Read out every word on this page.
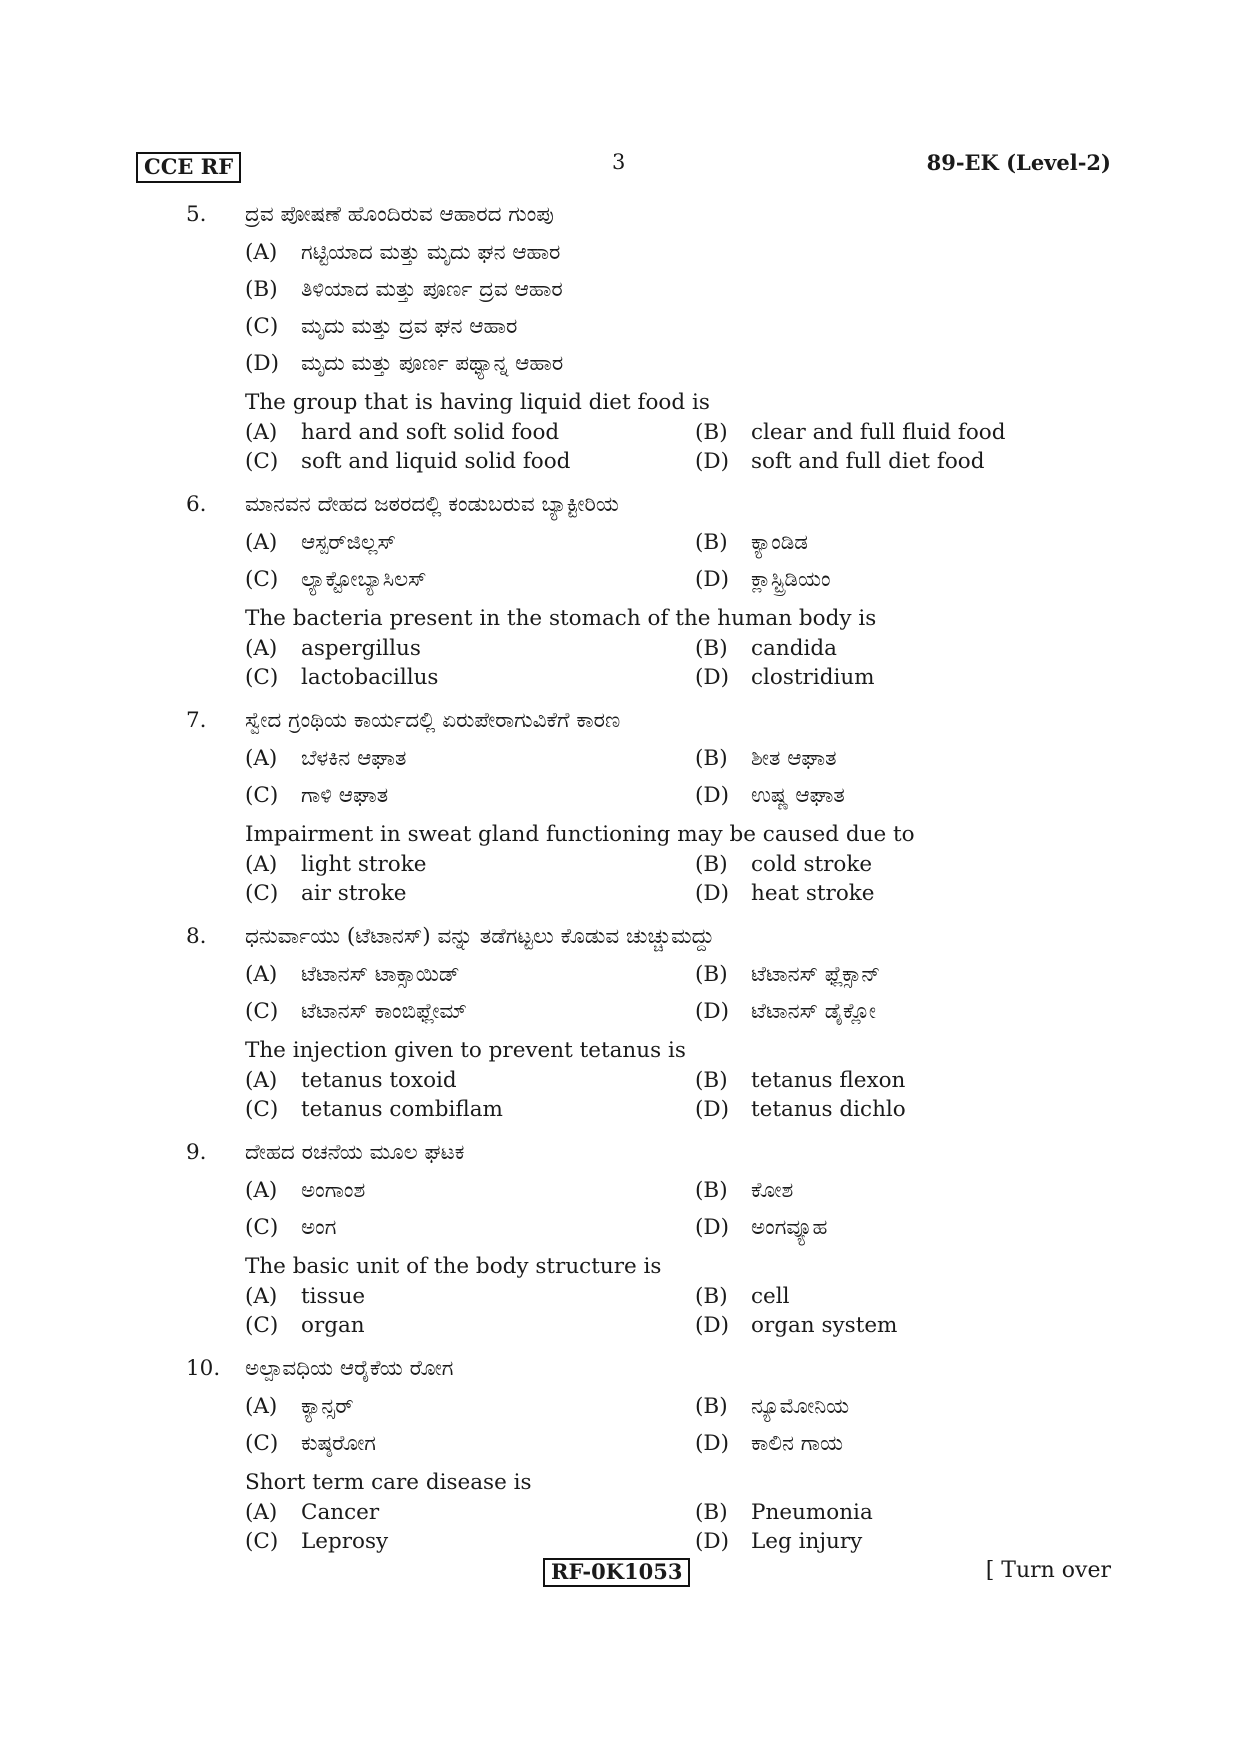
CCE RF	3	89-EK (Level-2)
5. ದ್ರವ ಪೋಷಣೆ ಹೊಂದಿರುವ ಆಹಾರದ ಗುಂಪು
(A)	ಗಟ್ಟಿಯಾದ ಮತ್ತು ಮೃದು ಘನ ಆಹಾರ
(B)	ತಿಳಿಯಾದ ಮತ್ತು ಪೂರ್ಣ ದ್ರವ ಆಹಾರ
(C)	ಮೃದು ಮತ್ತು ದ್ರವ ಘನ ಆಹಾರ
(D)	ಮೃದು ಮತ್ತು ಪೂರ್ಣ ಪಥ್ಯಾನ್ನ ಆಹಾರ
The group that is having liquid diet food is
(A)	hard and soft solid food	(B)	clear and full fluid food
(C)	soft and liquid solid food	(D)	soft and full diet food
6. ಮಾನವನ ದೇಹದ ಜಠರದಲ್ಲಿ ಕಂಡುಬರುವ ಬ್ಯಾಕ್ಟೀರಿಯ
(A)	ಆಸ್ಪರ್‌ಜಿಲ್ಲಸ್	(B)	ಕ್ಯಾಂಡಿಡ
(C)	ಲ್ಯಾಕ್ಟೋಬ್ಯಾಸಿಲಸ್	(D)	ಕ್ಲಾಸ್ಟ್ರಿಡಿಯಂ
The bacteria present in the stomach of the human body is
(A)	aspergillus	(B)	candida
(C)	lactobacillus	(D)	clostridium
7. ಸ್ವೇದ ಗ್ರಂಥಿಯ ಕಾರ್ಯದಲ್ಲಿ ಏರುಪೇರಾಗುವಿಕೆಗೆ ಕಾರಣ
(A)	ಬೆಳಕಿನ ಆಘಾತ	(B)	ಶೀತ ಆಘಾತ
(C)	ಗಾಳಿ ಆಘಾತ	(D)	ಉಷ್ಣ ಆಘಾತ
Impairment in sweat gland functioning may be caused due to
(A)	light stroke	(B)	cold stroke
(C)	air stroke	(D)	heat stroke
8. ಧನುರ್ವಾಯು (ಟೆಟಾನಸ್) ವನ್ನು ತಡೆಗಟ್ಟಲು ಕೊಡುವ ಚುಚ್ಚುಮದ್ದು
(A)	ಟೆಟಾನಸ್ ಟಾಕ್ಸಾಯಿಡ್	(B)	ಟೆಟಾನಸ್ ಫ್ಲೆಕ್ಸಾನ್
(C)	ಟೆಟಾನಸ್ ಕಾಂಬಿಫ್ಲೇಮ್	(D)	ಟೆಟಾನಸ್ ಡೈಕ್ಲೋ
The injection given to prevent tetanus is
(A)	tetanus toxoid	(B)	tetanus flexon
(C)	tetanus combiflam	(D)	tetanus dichlo
9. ದೇಹದ ರಚನೆಯ ಮೂಲ ಘಟಕ
(A)	ಅಂಗಾಂಶ	(B)	ಕೋಶ
(C)	ಅಂಗ	(D)	ಅಂಗವ್ಯೂಹ
The basic unit of the body structure is
(A)	tissue	(B)	cell
(C)	organ	(D)	organ system
10. ಅಲ್ಪಾವಧಿಯ ಆರೈಕೆಯ ರೋಗ
(A)	ಕ್ಯಾನ್ಸರ್	(B)	ನ್ಯೂಮೋನಿಯ
(C)	ಕುಷ್ಠರೋಗ	(D)	ಕಾಲಿನ ಗಾಯ
Short term care disease is
(A)	Cancer	(B)	Pneumonia
(C)	Leprosy	(D)	Leg injury
RF-0K1053	[ Turn over
